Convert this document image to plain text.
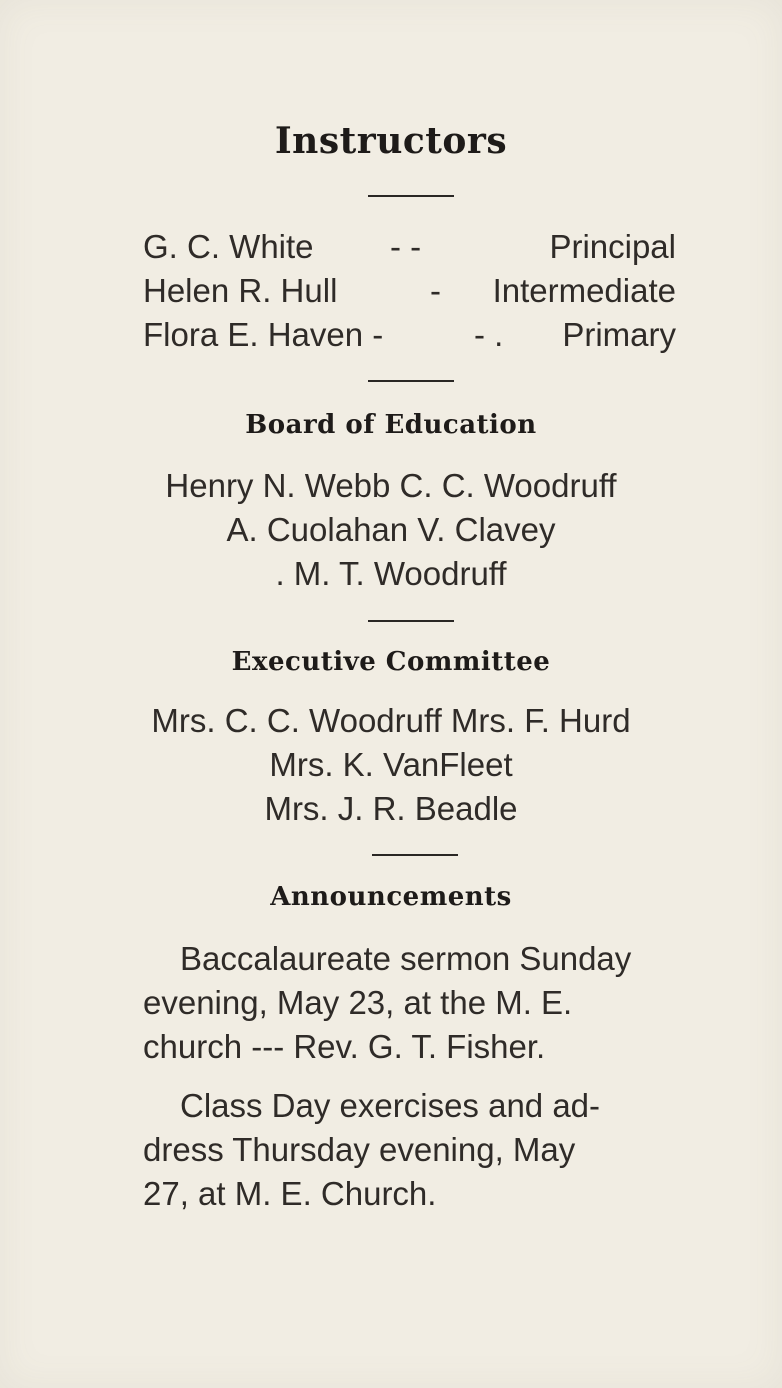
Instructors
G. C. White - -	Principal
Helen R. Hull	-	Intermediate
Flora E. Haven -	- .	Primary
Board of Education
Henry N. Webb C. C. Woodruff
A. Cuolahan V. Clavey
. M. T. Woodruff
Executive Committee
Mrs. C. C. Woodruff Mrs. F. Hurd
Mrs. K. VanFleet
Mrs. J. R. Beadle
Announcements
Baccalaureate sermon Sunday
evening, May 23, at the M. E.
church --- Rev. G. T. Fisher.
Class Day exercises and ad-
dress Thursday evening, May
27, at M. E. Church.
